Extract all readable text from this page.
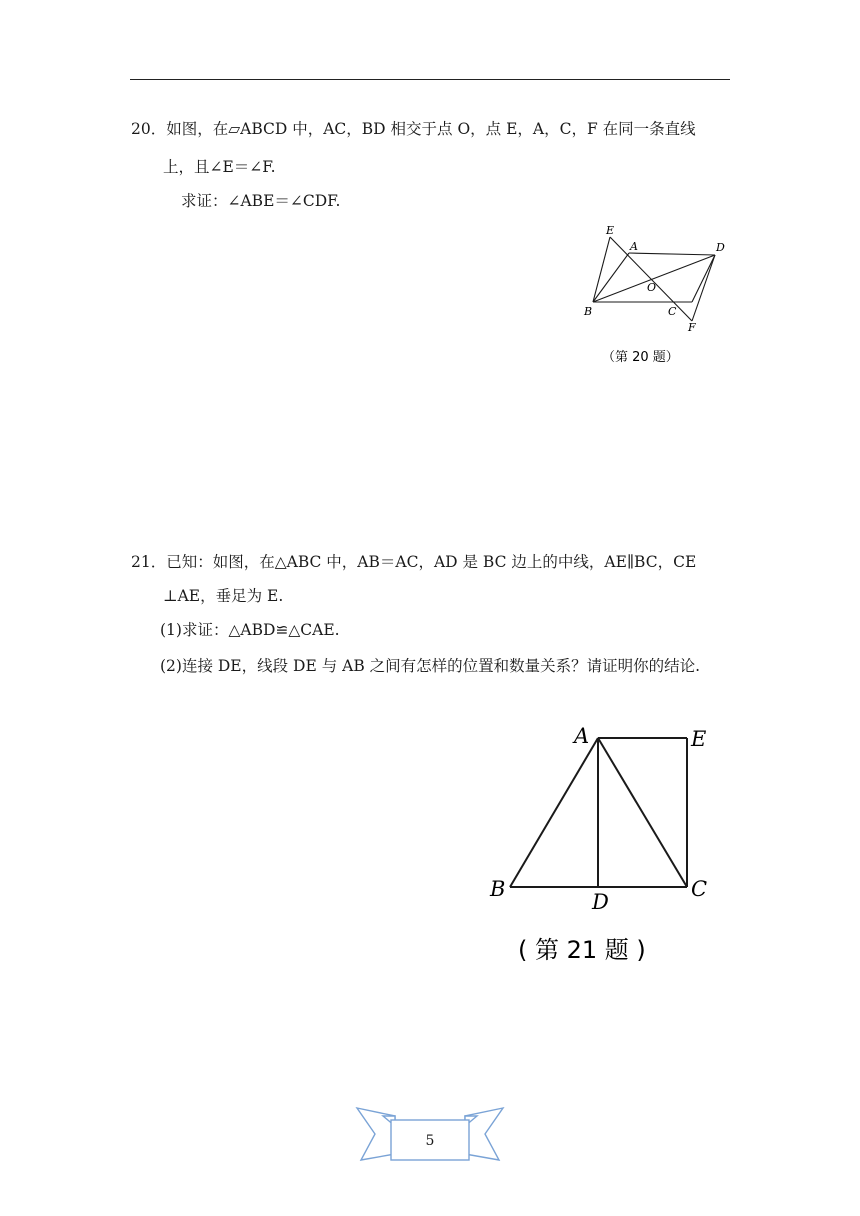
20．如图，在▱ABCD 中，AC，BD 相交于点 O，点 E，A，C，F 在同一条直线
上，且∠E＝∠F.
求证：∠ABE＝∠CDF.
E
A	D
O
B	C
F
（第 20 题）
21．已知：如图，在△ABC 中，AB＝AC，AD 是 BC 边上的中线，AE∥BC，CE
⊥AE，垂足为 E.
(1)求证：△ABD≌△CAE.
(2)连接 DE，线段 DE 与 AB 之间有怎样的位置和数量关系？请证明你的结论.
A	E
B
D
C
( 第 21 题 )
5
